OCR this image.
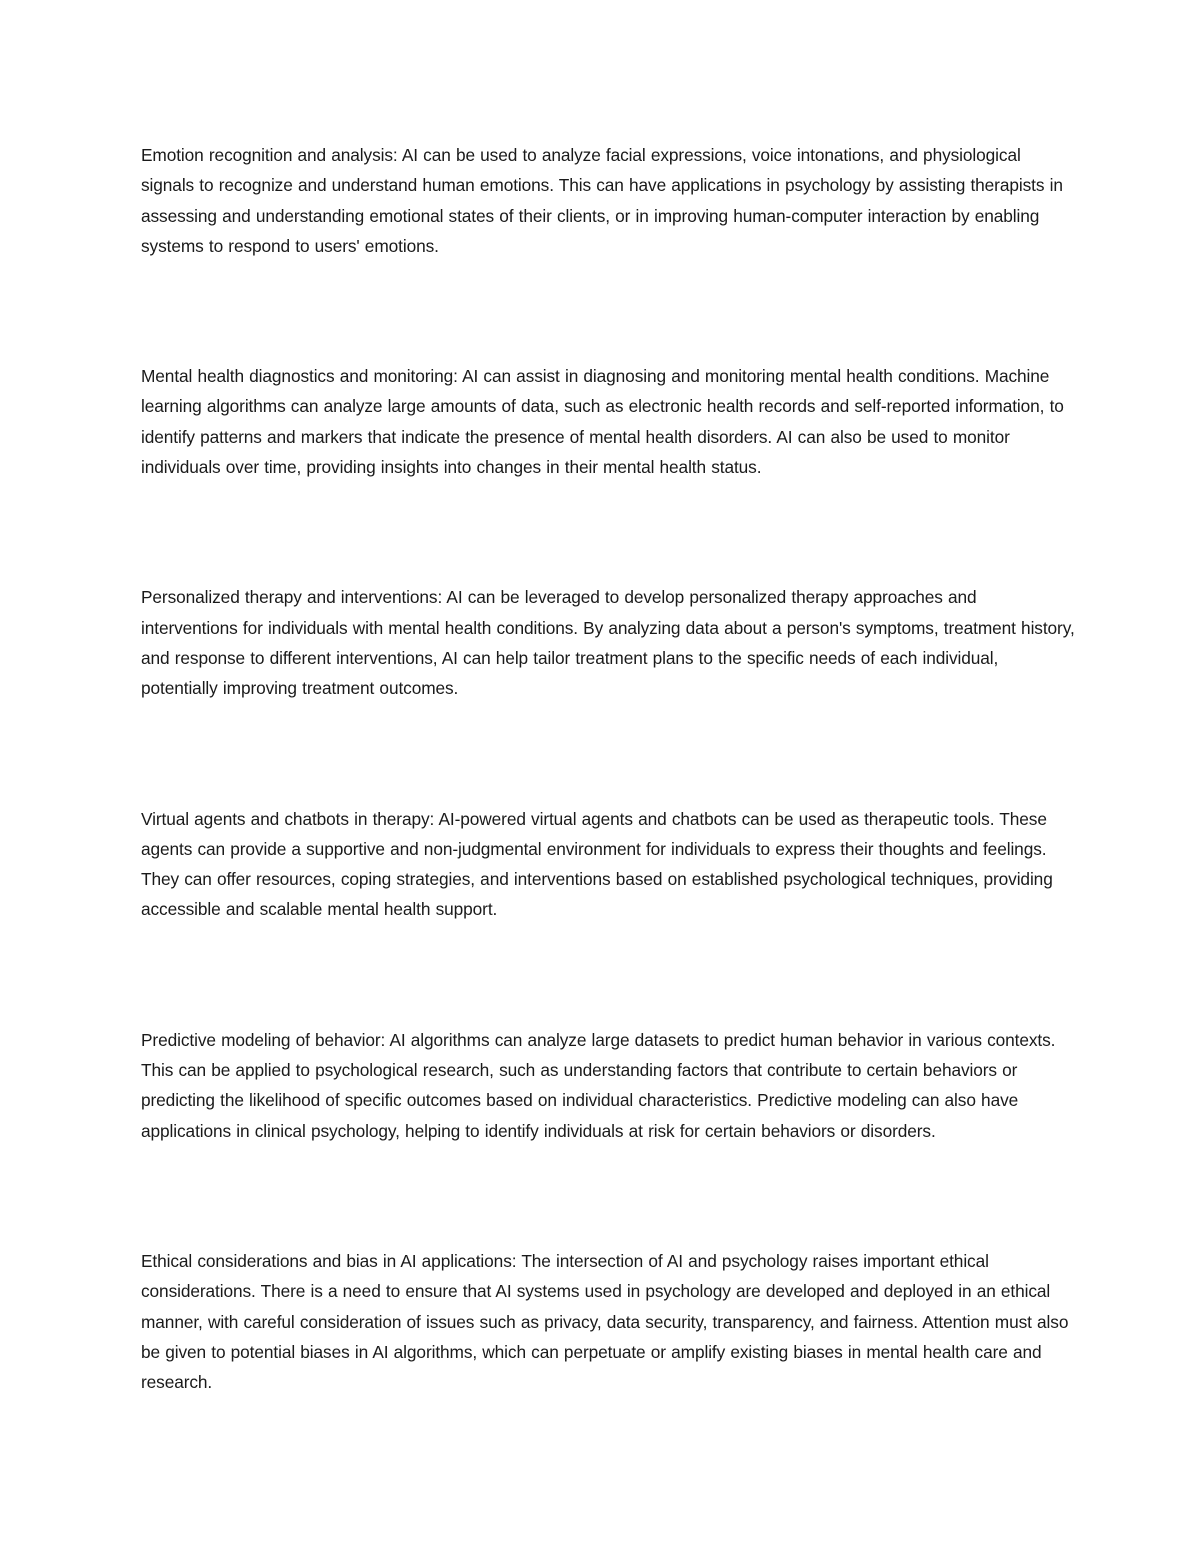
Emotion recognition and analysis: AI can be used to analyze facial expressions, voice intonations, and physiological signals to recognize and understand human emotions. This can have applications in psychology by assisting therapists in assessing and understanding emotional states of their clients, or in improving human-computer interaction by enabling systems to respond to users' emotions.

Mental health diagnostics and monitoring: AI can assist in diagnosing and monitoring mental health conditions. Machine learning algorithms can analyze large amounts of data, such as electronic health records and self-reported information, to identify patterns and markers that indicate the presence of mental health disorders. AI can also be used to monitor individuals over time, providing insights into changes in their mental health status.

Personalized therapy and interventions: AI can be leveraged to develop personalized therapy approaches and interventions for individuals with mental health conditions. By analyzing data about a person's symptoms, treatment history, and response to different interventions, AI can help tailor treatment plans to the specific needs of each individual, potentially improving treatment outcomes.

Virtual agents and chatbots in therapy: AI-powered virtual agents and chatbots can be used as therapeutic tools. These agents can provide a supportive and non-judgmental environment for individuals to express their thoughts and feelings. They can offer resources, coping strategies, and interventions based on established psychological techniques, providing accessible and scalable mental health support.

Predictive modeling of behavior: AI algorithms can analyze large datasets to predict human behavior in various contexts. This can be applied to psychological research, such as understanding factors that contribute to certain behaviors or predicting the likelihood of specific outcomes based on individual characteristics. Predictive modeling can also have applications in clinical psychology, helping to identify individuals at risk for certain behaviors or disorders.

Ethical considerations and bias in AI applications: The intersection of AI and psychology raises important ethical considerations. There is a need to ensure that AI systems used in psychology are developed and deployed in an ethical manner, with careful consideration of issues such as privacy, data security, transparency, and fairness. Attention must also be given to potential biases in AI algorithms, which can perpetuate or amplify existing biases in mental health care and research.
